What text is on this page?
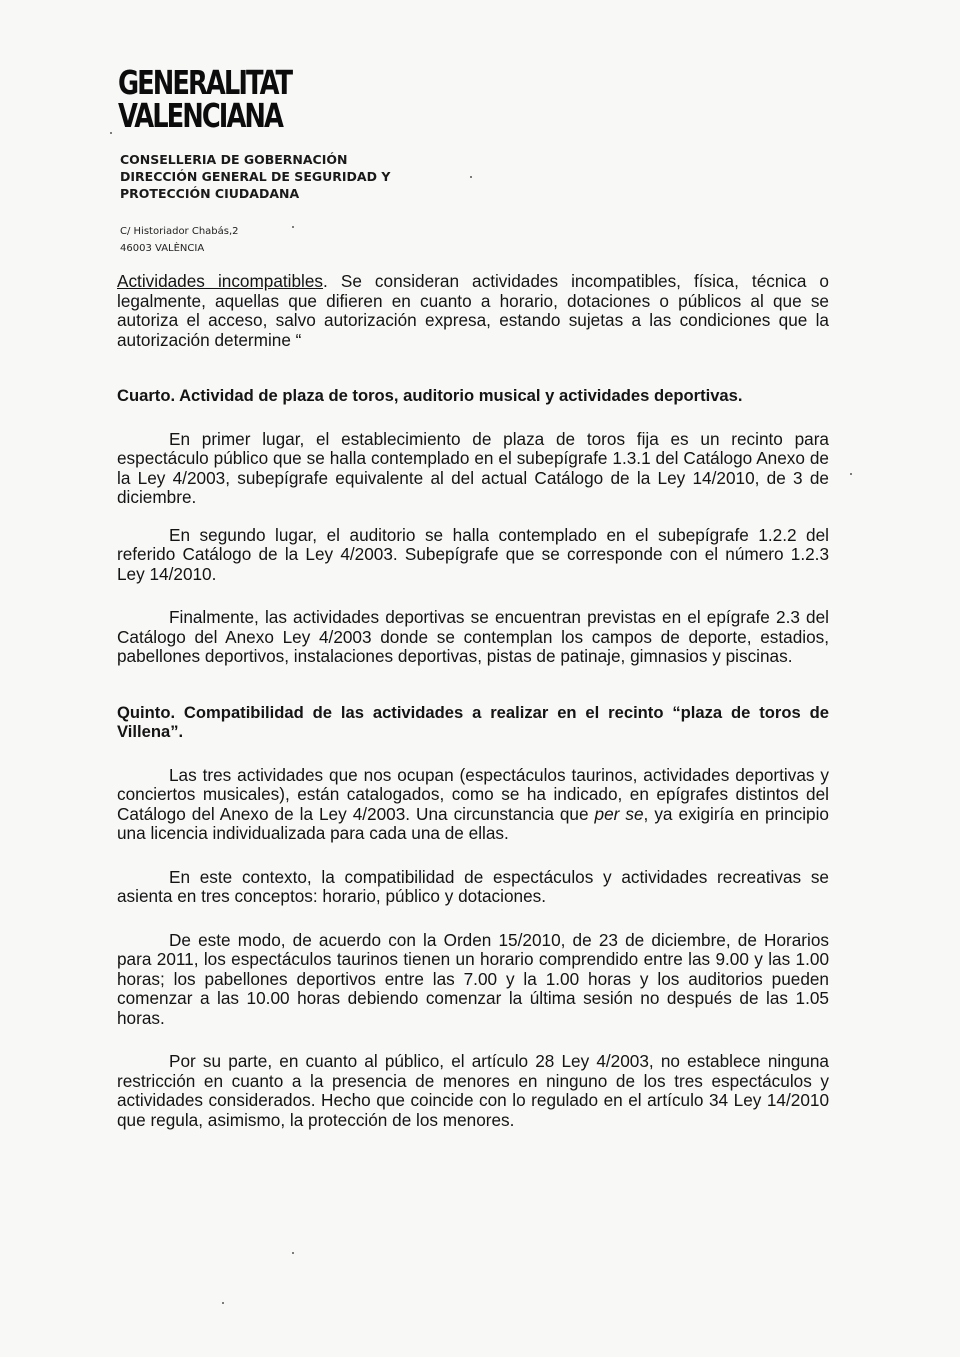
GENERALITAT
VALENCIANA
CONSELLERIA DE GOBERNACIÓN
DIRECCIÓN GENERAL DE SEGURIDAD Y
PROTECCIÓN CIUDADANA
C/ Historiador Chabás,2
46003 VALÈNCIA

Actividades incompatibles. Se consideran actividades incompatibles, física, técnica o legalmente, aquellas que difieren en cuanto a horario, dotaciones o públicos al que se autoriza el acceso, salvo autorización expresa, estando sujetas a las condiciones que la autorización determine “

Cuarto. Actividad de plaza de toros, auditorio musical y actividades deportivas.

En primer lugar, el establecimiento de plaza de toros fija es un recinto para espectáculo público que se halla contemplado en el subepígrafe 1.3.1 del Catálogo Anexo de la Ley 4/2003, subepígrafe equivalente al del actual Catálogo de la Ley 14/2010, de 3 de diciembre.

En segundo lugar, el auditorio se halla contemplado en el subepígrafe 1.2.2 del referido Catálogo de la Ley 4/2003. Subepígrafe que se corresponde con el número 1.2.3 Ley 14/2010.

Finalmente, las actividades deportivas se encuentran previstas en el epígrafe 2.3 del Catálogo del Anexo Ley 4/2003 donde se contemplan los campos de deporte, estadios, pabellones deportivos, instalaciones deportivas, pistas de patinaje, gimnasios y piscinas.

Quinto. Compatibilidad de las actividades a realizar en el recinto “plaza de toros de Villena”.

Las tres actividades que nos ocupan (espectáculos taurinos, actividades deportivas y conciertos musicales), están catalogados, como se ha indicado, en epígrafes distintos del Catálogo del Anexo de la Ley 4/2003. Una circunstancia que per se, ya exigiría en principio una licencia individualizada para cada una de ellas.

En este contexto, la compatibilidad de espectáculos y actividades recreativas se asienta en tres conceptos: horario, público y dotaciones.

De este modo, de acuerdo con la Orden 15/2010, de 23 de diciembre, de Horarios para 2011, los espectáculos taurinos tienen un horario comprendido entre las 9.00 y las 1.00 horas; los pabellones deportivos entre las 7.00 y la 1.00 horas y los auditorios pueden comenzar a las 10.00 horas debiendo comenzar la última sesión no después de las 1.05 horas.

Por su parte, en cuanto al público, el artículo 28 Ley 4/2003, no establece ninguna restricción en cuanto a la presencia de menores en ninguno de los tres espectáculos y actividades considerados. Hecho que coincide con lo regulado en el artículo 34 Ley 14/2010 que regula, asimismo, la protección de los menores.
